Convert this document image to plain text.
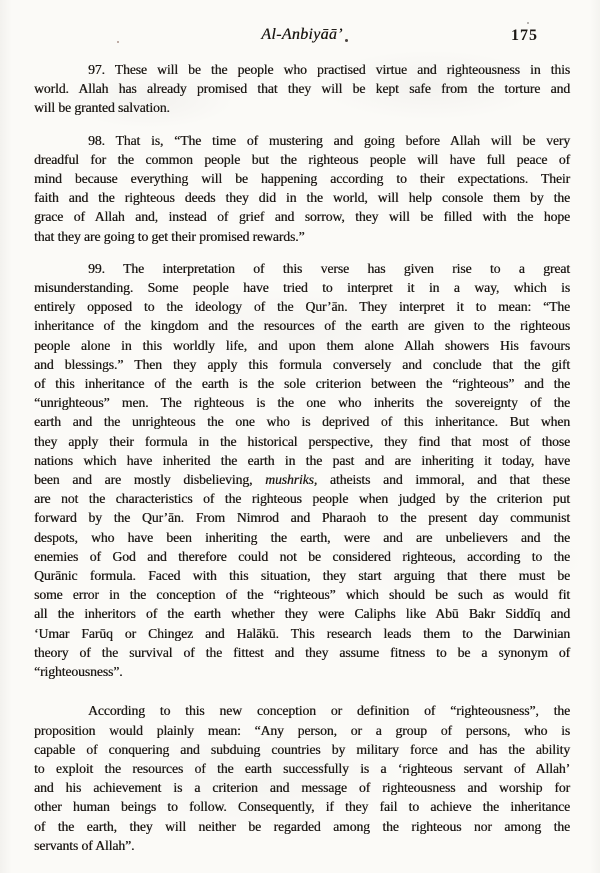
Al-Anbiyāā’	175
97. These will be the people who practised virtue and righteousness in this
world. Allah has already promised that they will be kept safe from the torture and
will be granted salvation.
98. That is, “The time of mustering and going before Allah will be very
dreadful for the common people but the righteous people will have full peace of
mind because everything will be happening according to their expectations. Their
faith and the righteous deeds they did in the world, will help console them by the
grace of Allah and, instead of grief and sorrow, they will be filled with the hope
that they are going to get their promised rewards.”
99. The interpretation of this verse has given rise to a great
misunderstanding. Some people have tried to interpret it in a way, which is
entirely opposed to the ideology of the Qur’ān. They interpret it to mean: “The
inheritance of the kingdom and the resources of the earth are given to the righteous
people alone in this worldly life, and upon them alone Allah showers His favours
and blessings.” Then they apply this formula conversely and conclude that the gift
of this inheritance of the earth is the sole criterion between the “righteous” and the
“unrighteous” men. The righteous is the one who inherits the sovereignty of the
earth and the unrighteous the one who is deprived of this inheritance. But when
they apply their formula in the historical perspective, they find that most of those
nations which have inherited the earth in the past and are inheriting it today, have
been and are mostly disbelieving, mushriks, atheists and immoral, and that these
are not the characteristics of the righteous people when judged by the criterion put
forward by the Qur’ān. From Nimrod and Pharaoh to the present day communist
despots, who have been inheriting the earth, were and are unbelievers and the
enemies of God and therefore could not be considered righteous, according to the
Qurānic formula. Faced with this situation, they start arguing that there must be
some error in the conception of the “righteous” which should be such as would fit
all the inheritors of the earth whether they were Caliphs like Abū Bakr Siddīq and
‘Umar Farūq or Chingez and Halākū. This research leads them to the Darwinian
theory of the survival of the fittest and they assume fitness to be a synonym of
“righteousness”.
According to this new conception or definition of “righteousness”, the
proposition would plainly mean: “Any person, or a group of persons, who is
capable of conquering and subduing countries by military force and has the ability
to exploit the resources of the earth successfully is a ‘righteous servant of Allah’
and his achievement is a criterion and message of righteousness and worship for
other human beings to follow. Consequently, if they fail to achieve the inheritance
of the earth, they will neither be regarded among the righteous nor among the
servants of Allah”.
